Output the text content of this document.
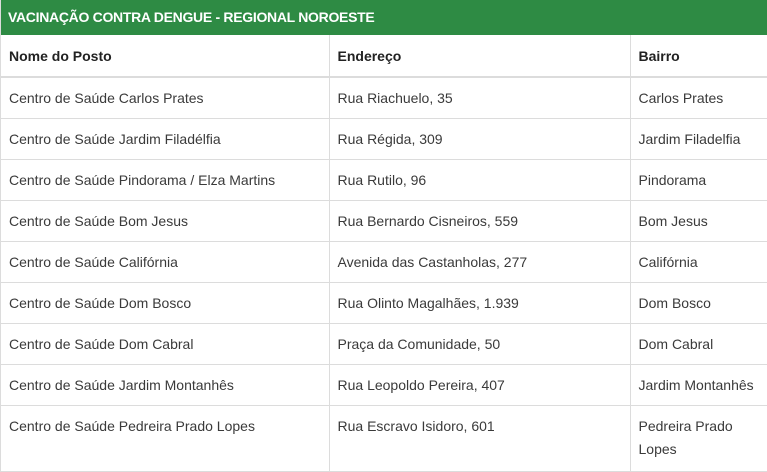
VACINAÇÃO CONTRA DENGUE - REGIONAL NOROESTE
Nome do Posto	Endereço	Bairro
Centro de Saúde Carlos Prates	Rua Riachuelo, 35	Carlos Prates
Centro de Saúde Jardim Filadélfia	Rua Régida, 309	Jardim Filadelfia
Centro de Saúde Pindorama / Elza Martins	Rua Rutilo, 96	Pindorama
Centro de Saúde Bom Jesus	Rua Bernardo Cisneiros, 559	Bom Jesus
Centro de Saúde Califórnia	Avenida das Castanholas, 277	Califórnia
Centro de Saúde Dom Bosco	Rua Olinto Magalhães, 1.939	Dom Bosco
Centro de Saúde Dom Cabral	Praça da Comunidade, 50	Dom Cabral
Centro de Saúde Jardim Montanhês	Rua Leopoldo Pereira, 407	Jardim Montanhês
Centro de Saúde Pedreira Prado Lopes	Rua Escravo Isidoro, 601	Pedreira Prado Lopes
